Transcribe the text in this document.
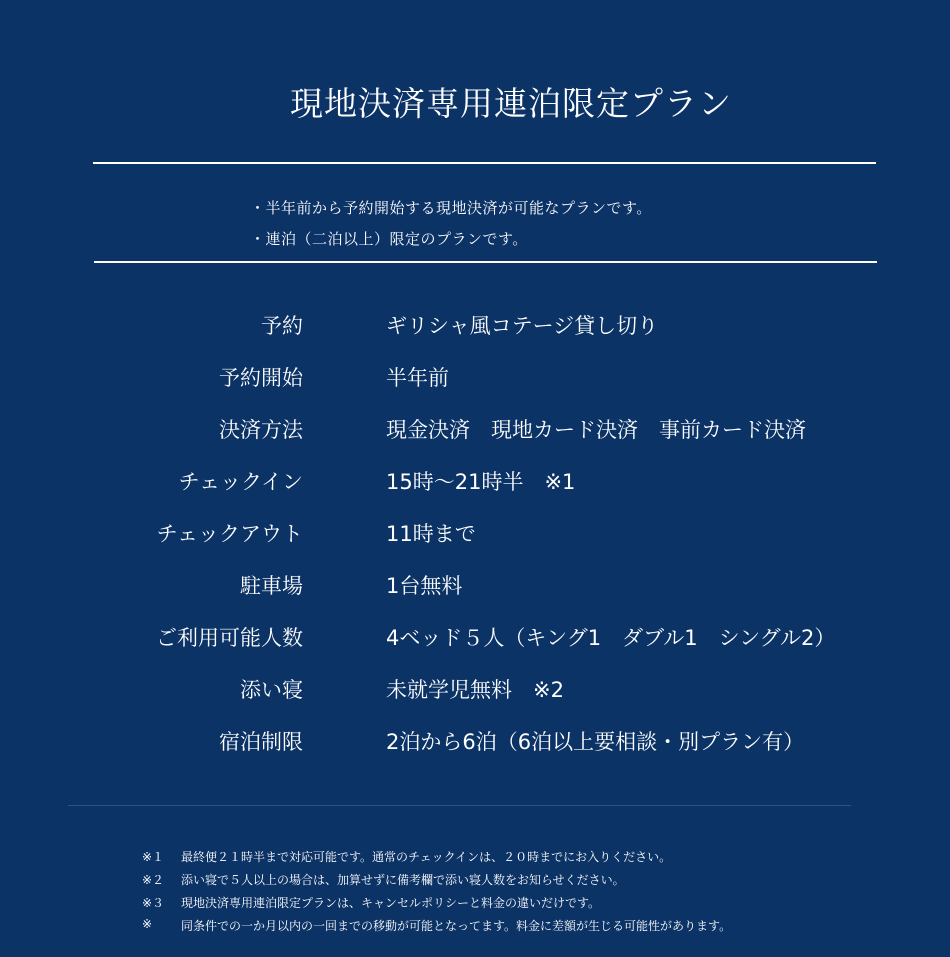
現地決済専用連泊限定プラン
・半年前から予約開始する現地決済が可能なプランです。
・連泊（二泊以上）限定のプランです。
予約	ギリシャ風コテージ貸し切り
予約開始	半年前
決済方法	現金決済　現地カード決済　事前カード決済
チェックイン	15時〜21時半　※1
チェックアウト	11時まで
駐車場	1台無料
ご利用可能人数	4ベッド５人（キング1　ダブル1　シングル2）
添い寝	未就学児無料　※2
宿泊制限	2泊から6泊（6泊以上要相談・別プラン有）
※１ 最終便２１時半まで対応可能です。通常のチェックインは、２０時までにお入りください。
※２ 添い寝で５人以上の場合は、加算せずに備考欄で添い寝人数をお知らせください。
※３ 現地決済専用連泊限定プランは、キャンセルポリシーと料金の違いだけです。
※ 同条件での一か月以内の一回までの移動が可能となってます。料金に差額が生じる可能性があります。
